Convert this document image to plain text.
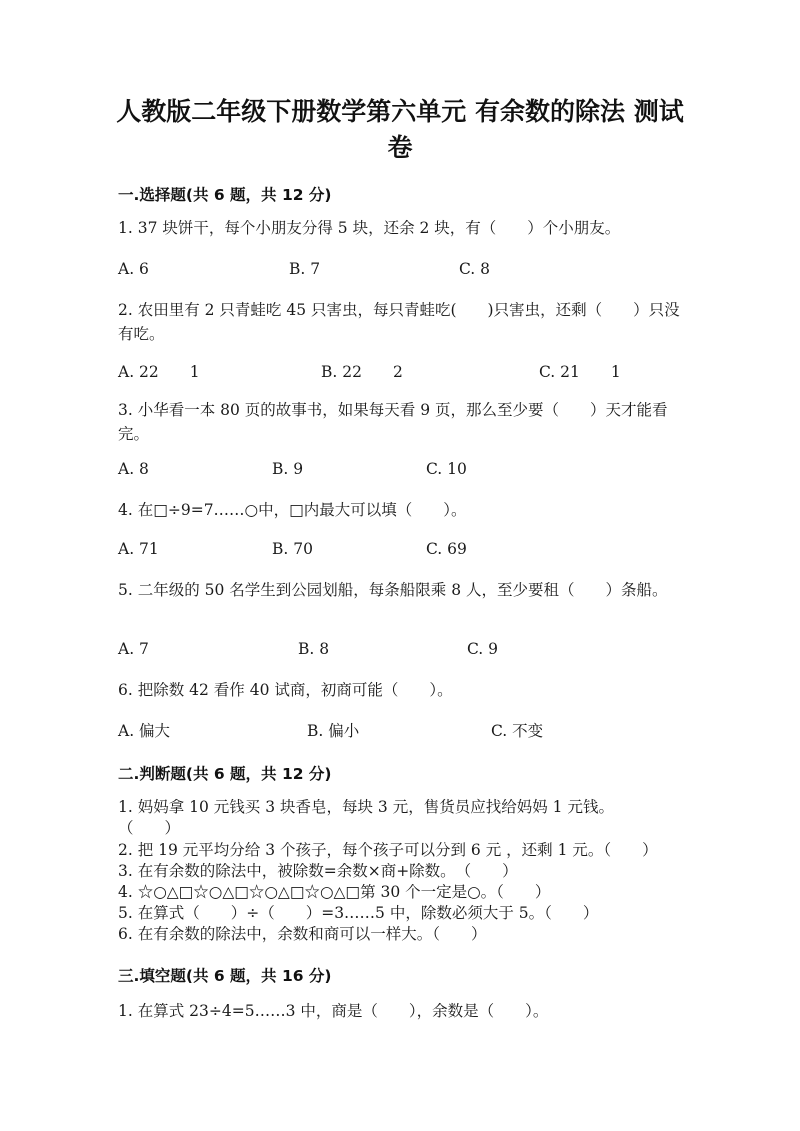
人教版二年级下册数学第六单元 有余数的除法 测试卷
一.选择题(共 6 题，共 12 分)
1. 37 块饼干，每个小朋友分得 5 块，还余 2 块，有（　　）个小朋友。
A. 6	B. 7	C. 8
2. 农田里有 2 只青蛙吃 45 只害虫，每只青蛙吃(　　)只害虫，还剩（　　）只没有吃。
A. 22　　1	B. 22　　2	C. 21　　1
3. 小华看一本 80 页的故事书，如果每天看 9 页，那么至少要（　　）天才能看完。
A. 8	B. 9	C. 10
4. 在□÷9=7……○中，□内最大可以填（　　）。
A. 71	B. 70	C. 69
5. 二年级的 50 名学生到公园划船，每条船限乘 8 人，至少要租（　　）条船。
A. 7	B. 8	C. 9
6. 把除数 42 看作 40 试商，初商可能（　　）。
A. 偏大	B. 偏小	C. 不变
二.判断题(共 6 题，共 12 分)
1. 妈妈拿 10 元钱买 3 块香皂，每块 3 元，售货员应找给妈妈 1 元钱。
（　　）
2. 把 19 元平均分给 3 个孩子，每个孩子可以分到 6 元 ，还剩 1 元。（　　）
3. 在有余数的除法中，被除数=余数×商+除数。　（　　）
4. ☆○△□☆○△□☆○△□☆○△□第 30 个一定是○。（　　）
5. 在算式（　　）÷（　　）=3……5 中，除数必须大于 5。（　　）
6. 在有余数的除法中，余数和商可以一样大。（　　）
三.填空题(共 6 题，共 16 分)
1. 在算式 23÷4=5……3 中，商是（　　），余数是（　　）。
